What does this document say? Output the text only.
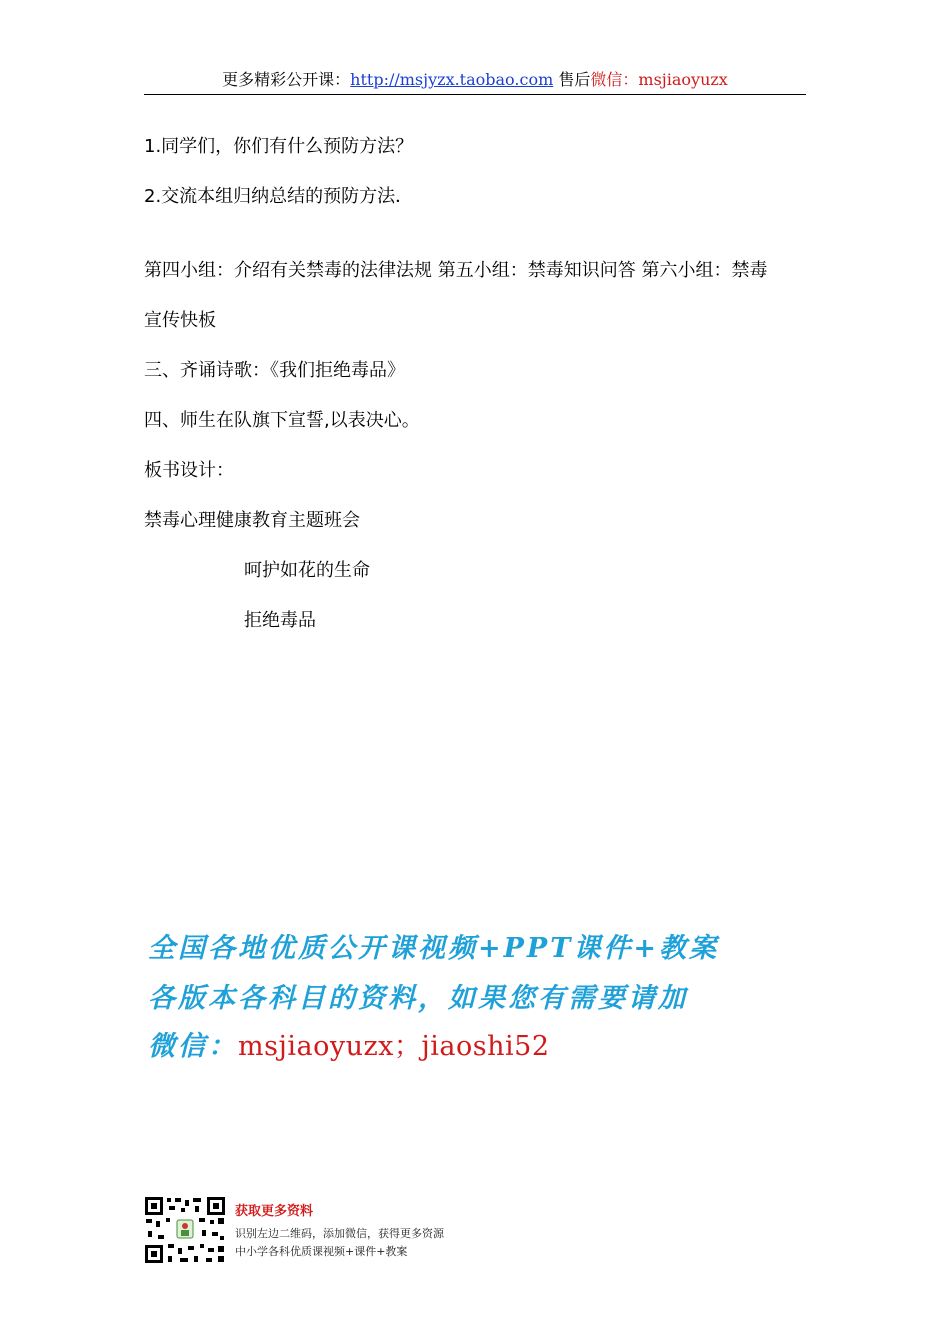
更多精彩公开课：http://msjyzx.taobao.com 售后微信：msjiaoyuzx
1.同学们，你们有什么预防方法？
2.交流本组归纳总结的预防方法．
第四小组：介绍有关禁毒的法律法规 第五小组：禁毒知识问答 第六小组：禁毒
宣传快板
三、齐诵诗歌：《我们拒绝毒品》
四、师生在队旗下宣誓,以表决心。
板书设计：
禁毒心理健康教育主题班会
呵护如花的生命
拒绝毒品
全国各地优质公开课视频+PPT课件+教案
各版本各科目的资料，如果您有需要请加
微信：msjiaoyuzx；jiaoshi52
获取更多资料
识别左边二维码，添加微信，获得更多资源
中小学各科优质课视频+课件+教案
